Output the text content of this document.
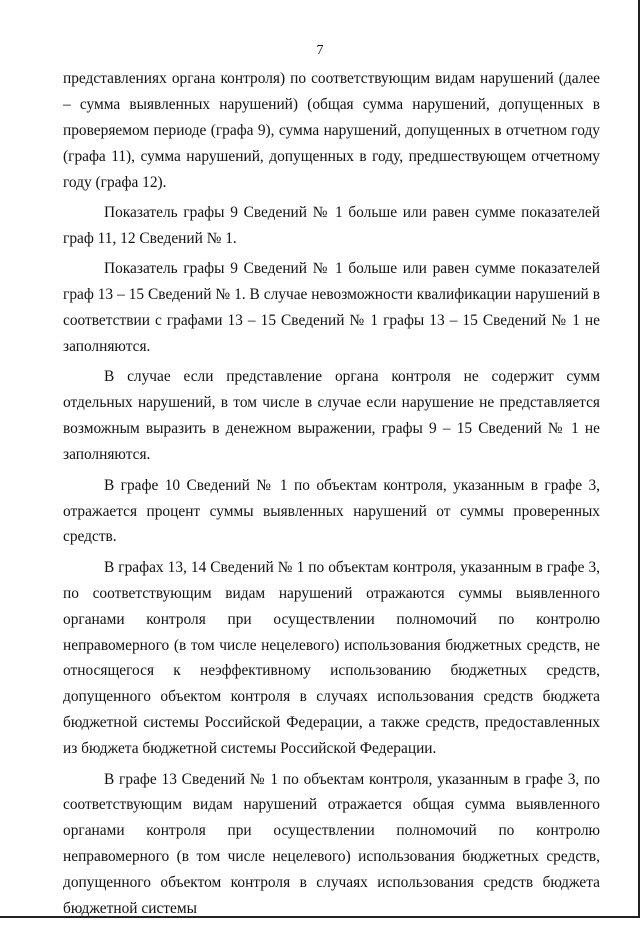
7

представлениях органа контроля) по соответствующим видам нарушений (далее – сумма выявленных нарушений) (общая сумма нарушений, допущенных в проверяемом периоде (графа 9), сумма нарушений, допущенных в отчетном году (графа 11), сумма нарушений, допущенных в году, предшествующем отчетному году (графа 12).

Показатель графы 9 Сведений № 1 больше или равен сумме показателей граф 11, 12 Сведений № 1.

Показатель графы 9 Сведений № 1 больше или равен сумме показателей граф 13 – 15 Сведений № 1. В случае невозможности квалификации нарушений в соответствии с графами 13 – 15 Сведений № 1 графы 13 – 15 Сведений № 1 не заполняются.

В случае если представление органа контроля не содержит сумм отдельных нарушений, в том числе в случае если нарушение не представляется возможным выразить в денежном выражении, графы 9 – 15 Сведений № 1 не заполняются.

В графе 10 Сведений № 1 по объектам контроля, указанным в графе 3, отражается процент суммы выявленных нарушений от суммы проверенных средств.

В графах 13, 14 Сведений № 1 по объектам контроля, указанным в графе 3, по соответствующим видам нарушений отражаются суммы выявленного органами контроля при осуществлении полномочий по контролю неправомерного (в том числе нецелевого) использования бюджетных средств, не относящегося к неэффективному использованию бюджетных средств, допущенного объектом контроля в случаях использования средств бюджета бюджетной системы Российской Федерации, а также средств, предоставленных из бюджета бюджетной системы Российской Федерации.

В графе 13 Сведений № 1 по объектам контроля, указанным в графе 3, по соответствующим видам нарушений отражается общая сумма выявленного органами контроля при осуществлении полномочий по контролю неправомерного (в том числе нецелевого) использования бюджетных средств, допущенного объектом контроля в случаях использования средств бюджета бюджетной системы
